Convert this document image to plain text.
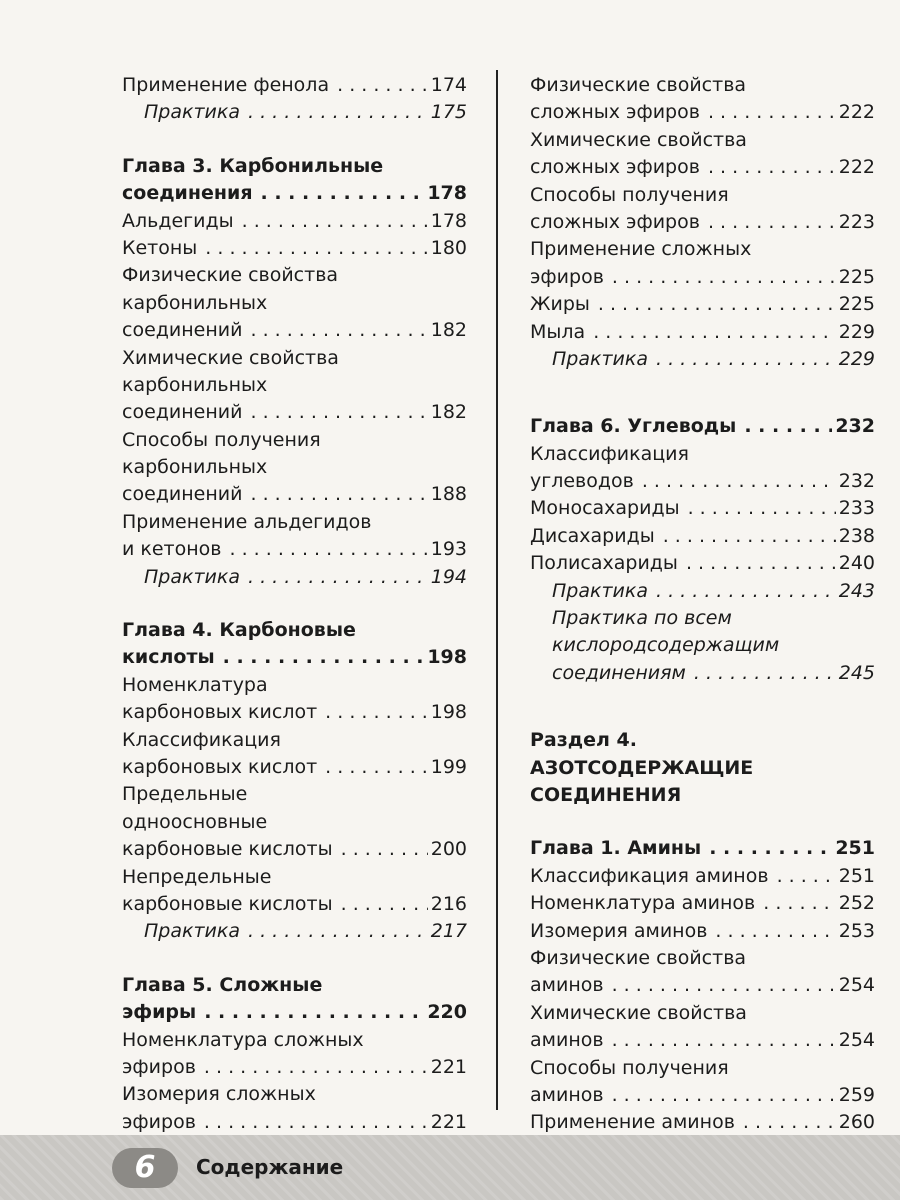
Применение фенола . . .	174
Практика . . .	175
Глава 3. Карбонильные
соединения . . .	178
Альдегиды . . .	178
Кетоны . . .	180
Физические свойства
карбонильных
соединений . . .	182
Химические свойства
карбонильных
соединений . . .	182
Способы получения
карбонильных
соединений . . .	188
Применение альдегидов
и кетонов . . .	193
Практика . . .	194
Глава 4. Карбоновые
кислоты . . .	198
Номенклатура
карбоновых кислот . . .	198
Классификация
карбоновых кислот . . .	199
Предельные
одноосновные
карбоновые кислоты . . .	200
Непредельные
карбоновые кислоты . . .	216
Практика . . .	217
Глава 5. Сложные
эфиры . . .	220
Номенклатура сложных
эфиров . . .	221
Изомерия сложных
эфиров . . .	221
Физические свойства
сложных эфиров . . .	222
Химические свойства
сложных эфиров . . .	222
Способы получения
сложных эфиров . . .	223
Применение сложных
эфиров . . .	225
Жиры . . .	225
Мыла . . .	229
Практика . . .	229
Глава 6. Углеводы . . .	232
Классификация
углеводов . . .	232
Моносахариды . . .	233
Дисахариды . . .	238
Полисахариды . . .	240
Практика . . .	243
Практика по всем
кислородсодержащим
соединениям . . .	245
Раздел 4.
АЗОТСОДЕРЖАЩИЕ
СОЕДИНЕНИЯ
Глава 1. Амины . . .	251
Классификация аминов . . .	251
Номенклатура аминов . . .	252
Изомерия аминов . . .	253
Физические свойства
аминов . . .	254
Химические свойства
аминов . . .	254
Способы получения
аминов . . .	259
Применение аминов . . .	260
6	Содержание
